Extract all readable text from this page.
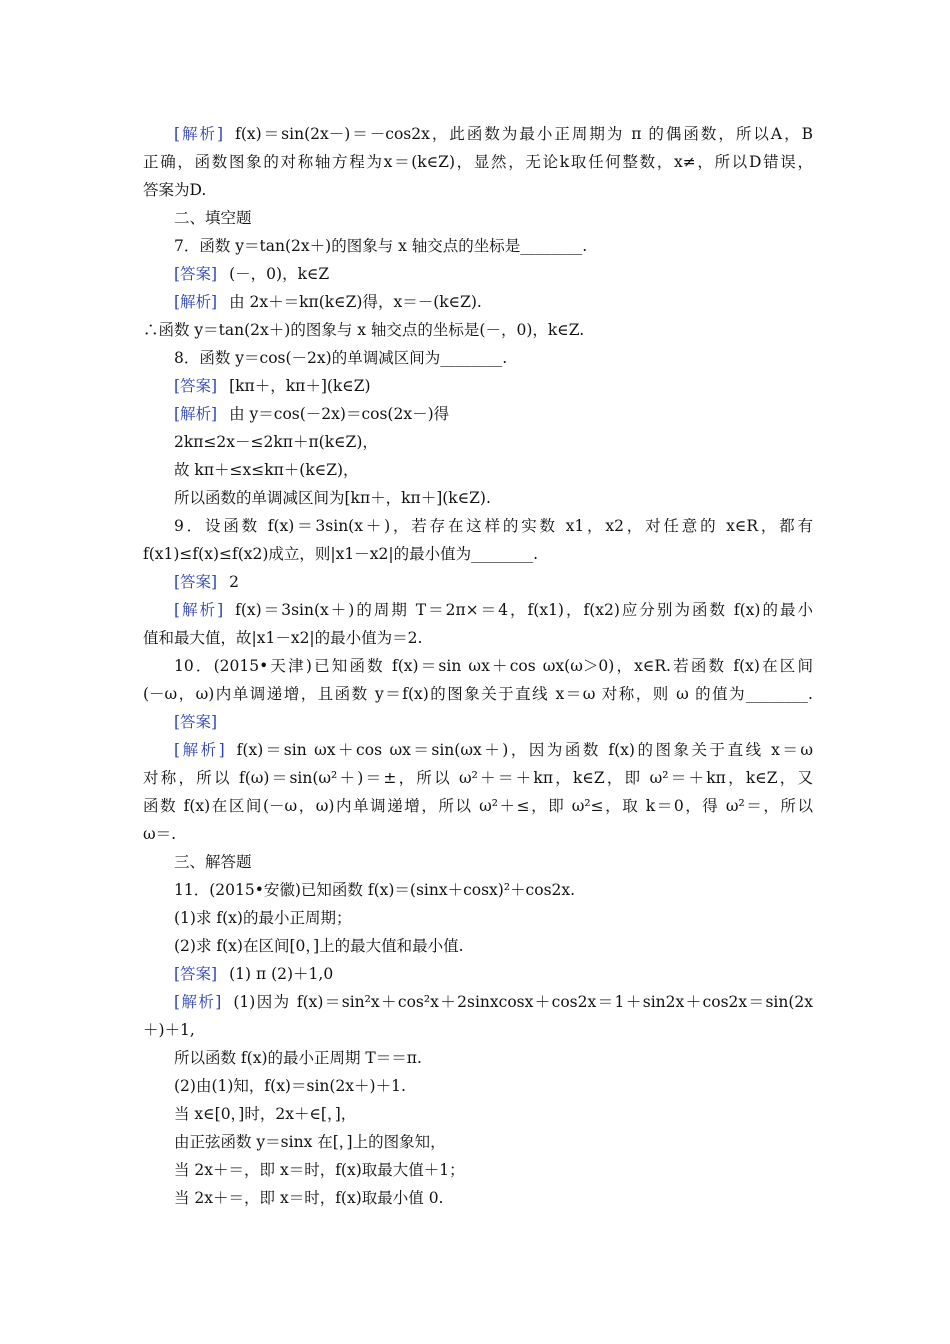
[解析] f(x)＝sin(2x－)＝－cos2x，此函数为最小正周期为 π 的偶函数，所以A，B
正确，函数图象的对称轴方程为x＝(k∈Z)，显然，无论k取任何整数，x≠，所以D错误，
答案为D.
二、填空题
7．函数 y＝tan(2x＋)的图象与 x 轴交点的坐标是________.
[答案] (－，0)，k∈Z
[解析] 由 2x＋＝kπ(k∈Z)得，x＝－(k∈Z).
∴函数 y＝tan(2x＋)的图象与 x 轴交点的坐标是(－，0)，k∈Z.
8．函数 y＝cos(－2x)的单调减区间为________.
[答案] [kπ＋，kπ＋](k∈Z)
[解析] 由 y＝cos(－2x)＝cos(2x－)得
2kπ≤2x－≤2kπ＋π(k∈Z)，
故 kπ＋≤x≤kπ＋(k∈Z)，
所以函数的单调减区间为[kπ＋，kπ＋](k∈Z).
9．设函数 f(x)＝3sin(x＋)，若存在这样的实数 x1，x2，对任意的 x∈R，都有
f(x1)≤f(x)≤f(x2)成立，则|x1－x2|的最小值为________.
[答案] 2
[解析] f(x)＝3sin(x＋)的周期 T＝2π×＝4，f(x1)，f(x2)应分别为函数 f(x)的最小
值和最大值，故|x1－x2|的最小值为＝2.
10．(2015•天津)已知函数 f(x)＝sin ωx＋cos ωx(ω＞0)，x∈R.若函数 f(x)在区间
(－ω，ω)内单调递增，且函数 y＝f(x)的图象关于直线 x＝ω 对称，则 ω 的值为________.
[答案]
[解析] f(x)＝sin ωx＋cos ωx＝sin(ωx＋)，因为函数 f(x)的图象关于直线 x＝ω
对称，所以 f(ω)＝sin(ω²＋)＝±，所以 ω²＋＝＋kπ，k∈Z，即 ω²＝＋kπ，k∈Z，又
函数 f(x)在区间(－ω，ω)内单调递增，所以 ω²＋≤，即 ω²≤，取 k＝0，得 ω²＝，所以
ω＝.
三、解答题
11．(2015•安徽)已知函数 f(x)＝(sinx＋cosx)²＋cos2x.
(1)求 f(x)的最小正周期；
(2)求 f(x)在区间[0，]上的最大值和最小值.
[答案] (1) π (2)＋1,0
[解析] (1)因为 f(x)＝sin²x＋cos²x＋2sinxcosx＋cos2x＝1＋sin2x＋cos2x＝sin(2x
＋)＋1,
所以函数 f(x)的最小正周期 T＝＝π.
(2)由(1)知，f(x)＝sin(2x＋)＋1.
当 x∈[0，]时，2x＋∈[，]，
由正弦函数 y＝sinx 在[，]上的图象知，
当 2x＋＝，即 x＝时，f(x)取最大值＋1；
当 2x＋＝，即 x＝时，f(x)取最小值 0.
